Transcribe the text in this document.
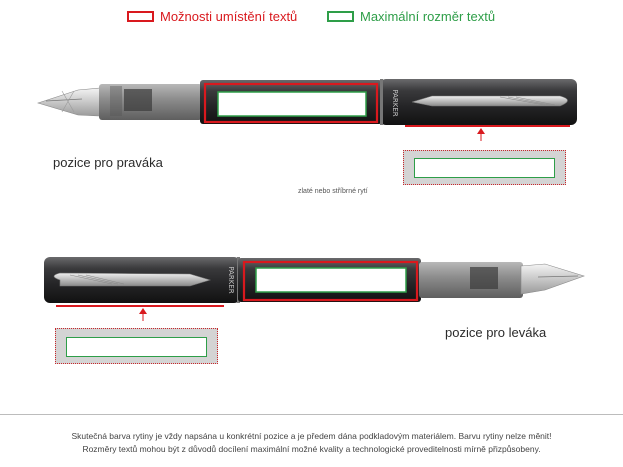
Možnosti umístění textů	Maximální rozměr textů
PARKER
PARKER
pozice pro praváka
pozice pro leváka
zlaté nebo stříbrné rytí
Skutečná barva rytiny je vždy napsána u konkrétní pozice a je předem dána podkladovým materiálem. Barvu rytiny nelze měnit!
Rozměry textů mohou být z důvodů docílení maximální možné kvality a technologické proveditelnosti mírně přizpůsobeny.
